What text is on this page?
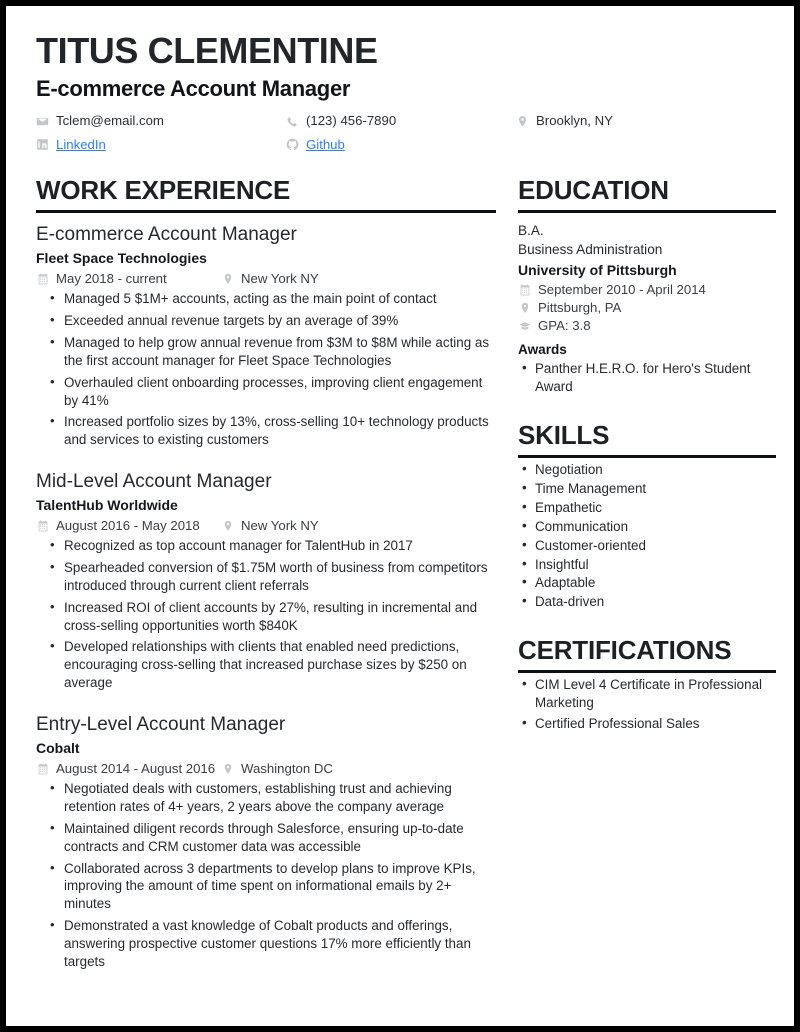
TITUS CLEMENTINE
E-commerce Account Manager
Tclem@email.com	(123) 456-7890	Brooklyn, NY
LinkedIn	Github
WORK EXPERIENCE
E-commerce Account Manager
Fleet Space Technologies
May 2018 - current	New York NY
• Managed 5 $1M+ accounts, acting as the main point of contact
• Exceeded annual revenue targets by an average of 39%
• Managed to help grow annual revenue from $3M to $8M while acting as the first account manager for Fleet Space Technologies
• Overhauled client onboarding processes, improving client engagement by 41%
• Increased portfolio sizes by 13%, cross-selling 10+ technology products and services to existing customers
Mid-Level Account Manager
TalentHub Worldwide
August 2016 - May 2018	New York NY
• Recognized as top account manager for TalentHub in 2017
• Spearheaded conversion of $1.75M worth of business from competitors introduced through current client referrals
• Increased ROI of client accounts by 27%, resulting in incremental and cross-selling opportunities worth $840K
• Developed relationships with clients that enabled need predictions, encouraging cross-selling that increased purchase sizes by $250 on average
Entry-Level Account Manager
Cobalt
August 2014 - August 2016 Washington DC
• Negotiated deals with customers, establishing trust and achieving retention rates of 4+ years, 2 years above the company average
• Maintained diligent records through Salesforce, ensuring up-to-date contracts and CRM customer data was accessible
• Collaborated across 3 departments to develop plans to improve KPIs, improving the amount of time spent on informational emails by 2+ minutes
• Demonstrated a vast knowledge of Cobalt products and offerings, answering prospective customer questions 17% more efficiently than targets
EDUCATION
B.A.
Business Administration
University of Pittsburgh
September 2010 - April 2014
Pittsburgh, PA
GPA: 3.8
Awards
• Panther H.E.R.O. for Hero's Student Award
SKILLS
• Negotiation
• Time Management
• Empathetic
• Communication
• Customer-oriented
• Insightful
• Adaptable
• Data-driven
CERTIFICATIONS
• CIM Level 4 Certificate in Professional Marketing
• Certified Professional Sales
